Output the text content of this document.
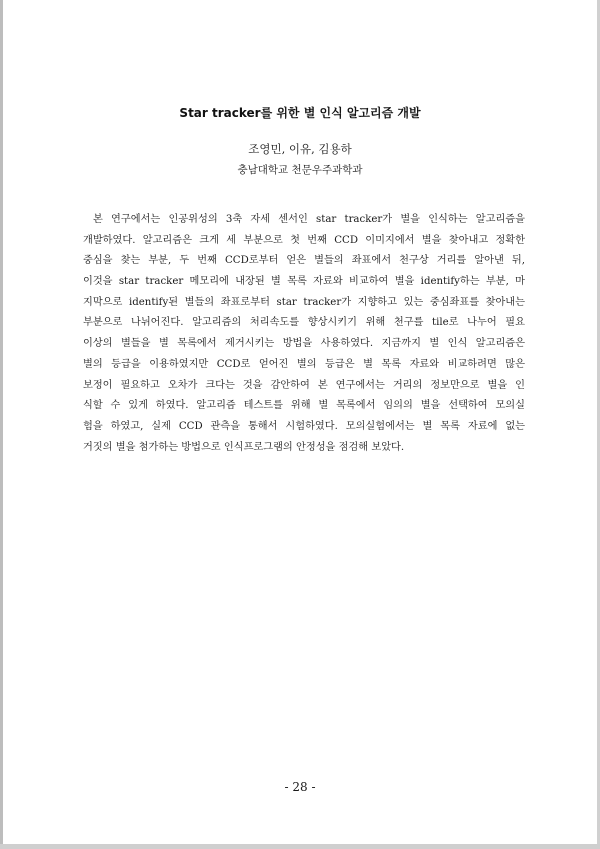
Star tracker를 위한 별 인식 알고리즘 개발
조영민, 이유, 김용하
충남대학교 천문우주과학과
본 연구에서는 인공위성의 3축 자세 센서인 star tracker가 별을 인식하는 알고리즘을
개발하였다. 알고리즘은 크게 세 부분으로 첫 번째 CCD 이미지에서 별을 찾아내고 정확한
중심을 찾는 부분, 두 번째 CCD로부터 얻은 별들의 좌표에서 천구상 거리를 알아낸 뒤,
이것을 star tracker 메모리에 내장된 별 목록 자료와 비교하여 별을 identify하는 부분, 마
지막으로 identify된 별들의 좌표로부터 star tracker가 지향하고 있는 중심좌표를 찾아내는
부분으로 나뉘어진다. 알고리즘의 처리속도를 향상시키기 위해 천구를 tile로 나누어 필요
이상의 별들을 별 목록에서 제거시키는 방법을 사용하였다. 지금까지 별 인식 알고리즘은
별의 등급을 이용하였지만 CCD로 얻어진 별의 등급은 별 목록 자료와 비교하려면 많은
보정이 필요하고 오차가 크다는 것을 감안하여 본 연구에서는 거리의 정보만으로 별을 인
식할 수 있게 하였다. 알고리즘 테스트를 위해 별 목록에서 임의의 별을 선택하여 모의실
험을 하였고, 실제 CCD 관측을 통해서 시험하였다. 모의실험에서는 별 목록 자료에 없는
거짓의 별을 첨가하는 방법으로 인식프로그램의 안정성을 점검해 보았다.
- 28 -
